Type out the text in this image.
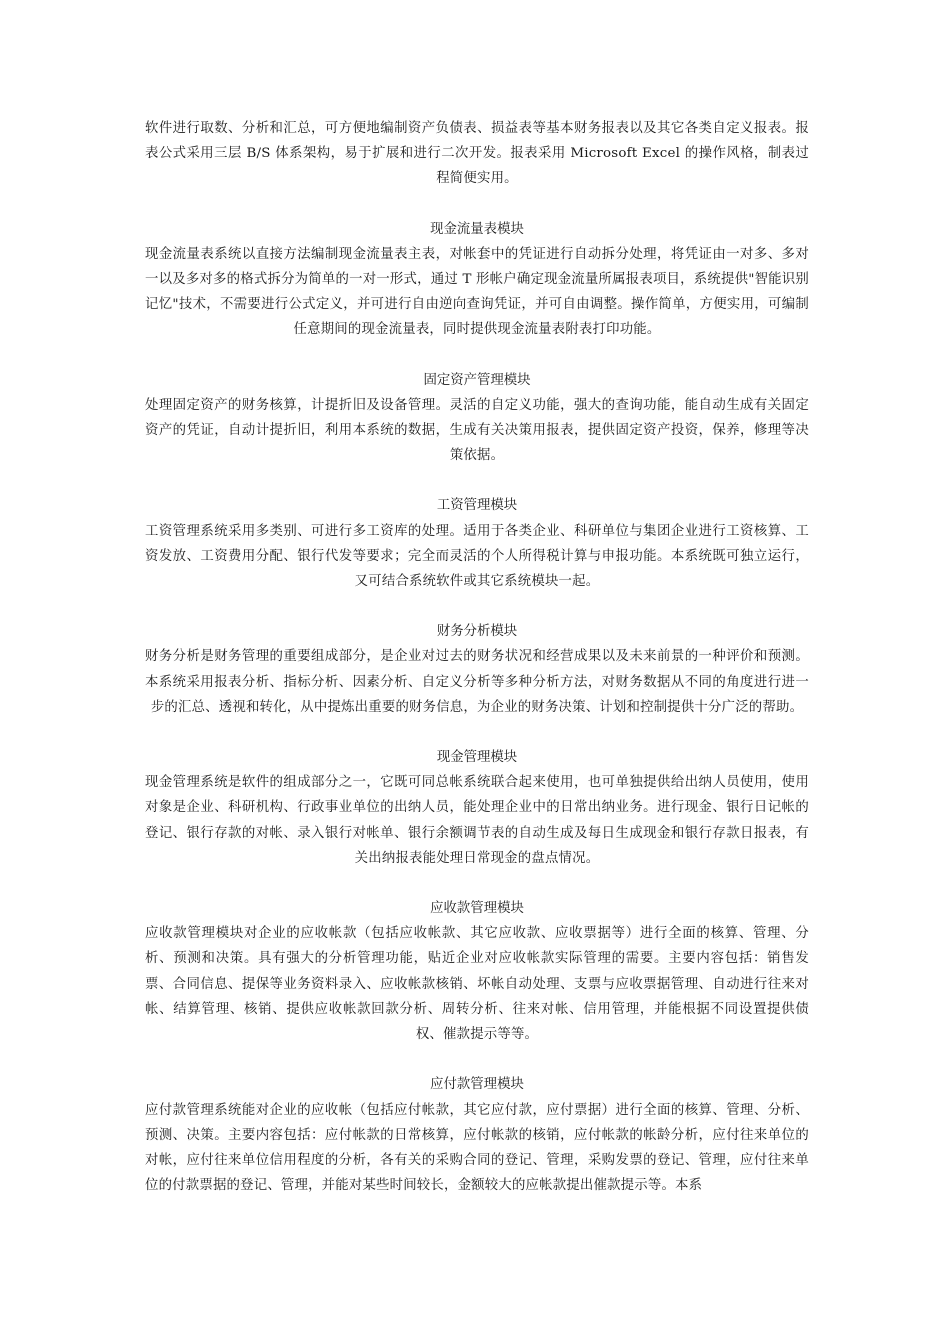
软件进行取数、分析和汇总，可方便地编制资产负债表、损益表等基本财务报表以及其它各类自定义报表。报表公式采用三层 B/S 体系架构，易于扩展和进行二次开发。报表采用 Microsoft Excel 的操作风格，制表过程简便实用。

现金流量表模块

现金流量表系统以直接方法编制现金流量表主表，对帐套中的凭证进行自动拆分处理，将凭证由一对多、多对一以及多对多的格式拆分为简单的一对一形式，通过 T 形帐户确定现金流量所属报表项目，系统提供"智能识别记忆"技术，不需要进行公式定义，并可进行自由逆向查询凭证，并可自由调整。操作简单，方便实用，可编制任意期间的现金流量表，同时提供现金流量表附表打印功能。

固定资产管理模块

处理固定资产的财务核算，计提折旧及设备管理。灵活的自定义功能，强大的查询功能，能自动生成有关固定资产的凭证，自动计提折旧，利用本系统的数据，生成有关决策用报表，提供固定资产投资，保养，修理等决策依据。

工资管理模块

工资管理系统采用多类别、可进行多工资库的处理。适用于各类企业、科研单位与集团企业进行工资核算、工资发放、工资费用分配、银行代发等要求；完全而灵活的个人所得税计算与申报功能。本系统既可独立运行，又可结合系统软件或其它系统模块一起。

财务分析模块

财务分析是财务管理的重要组成部分，是企业对过去的财务状况和经营成果以及未来前景的一种评价和预测。本系统采用报表分析、指标分析、因素分析、自定义分析等多种分析方法，对财务数据从不同的角度进行进一步的汇总、透视和转化，从中提炼出重要的财务信息，为企业的财务决策、计划和控制提供十分广泛的帮助。

现金管理模块

现金管理系统是软件的组成部分之一，它既可同总帐系统联合起来使用，也可单独提供给出纳人员使用，使用对象是企业、科研机构、行政事业单位的出纳人员，能处理企业中的日常出纳业务。进行现金、银行日记帐的登记、银行存款的对帐、录入银行对帐单、银行余额调节表的自动生成及每日生成现金和银行存款日报表，有关出纳报表能处理日常现金的盘点情况。

应收款管理模块

应收款管理模块对企业的应收帐款（包括应收帐款、其它应收款、应收票据等）进行全面的核算、管理、分析、预测和决策。具有强大的分析管理功能，贴近企业对应收帐款实际管理的需要。主要内容包括：销售发票、合同信息、提保等业务资料录入、应收帐款核销、坏帐自动处理、支票与应收票据管理、自动进行往来对帐、结算管理、核销、提供应收帐款回款分析、周转分析、往来对帐、信用管理，并能根据不同设置提供债权、催款提示等等。

应付款管理模块

应付款管理系统能对企业的应收帐（包括应付帐款，其它应付款，应付票据）进行全面的核算、管理、分析、预测、决策。主要内容包括：应付帐款的日常核算，应付帐款的核销，应付帐款的帐龄分析，应付往来单位的对帐，应付往来单位信用程度的分析，各有关的采购合同的登记、管理，采购发票的登记、管理，应付往来单位的付款票据的登记、管理，并能对某些时间较长，金额较大的应帐款提出催款提示等。本系
